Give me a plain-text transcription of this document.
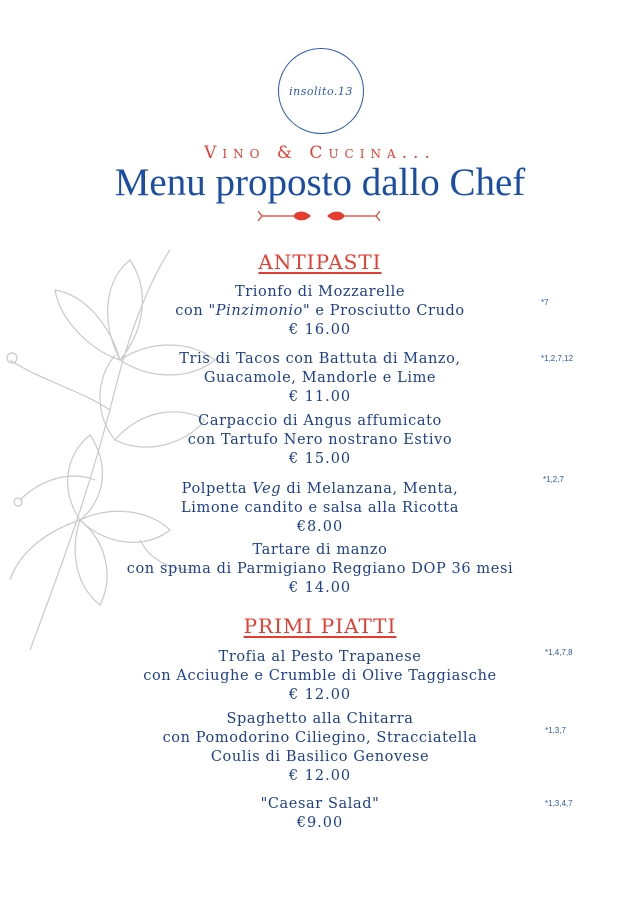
insolito.13
Vino & Cucina...
Menu proposto dallo Chef
ANTIPASTI
Trionfo di Mozzarelle
con "Pinzimonio" e Prosciutto Crudo
€ 16.00
*7
Tris di Tacos con Battuta di Manzo,
Guacamole, Mandorle e Lime
€ 11.00
*1,2,7,12
Carpaccio di Angus affumicato
con Tartufo Nero nostrano Estivo
€ 15.00
Polpetta Veg di Melanzana, Menta,
Limone candito e salsa alla Ricotta
€8.00
*1,2,7
Tartare di manzo
con spuma di Parmigiano Reggiano DOP 36 mesi
€ 14.00
PRIMI PIATTI
Trofia al Pesto Trapanese
con Acciughe e Crumble di Olive Taggiasche
€ 12.00
*1,4,7,8
Spaghetto alla Chitarra
con Pomodorino Ciliegino, Stracciatella
Coulis di Basilico Genovese
€ 12.00
*1,3,7
"Caesar Salad"
€9.00
*1,3,4,7
